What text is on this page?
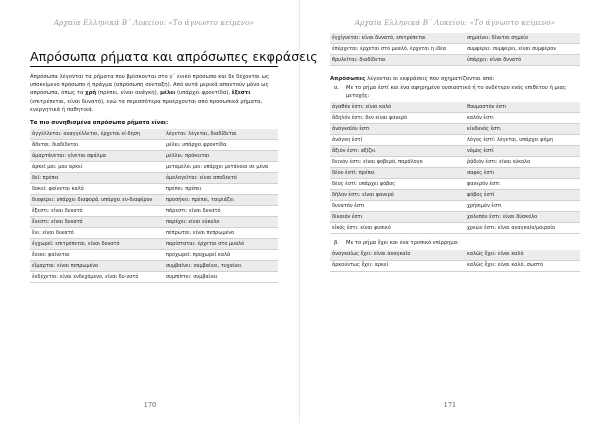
Αρχαία Ελληνικά Β΄ Λυκείου: «Το άγνωστο κείμενο»
Απρόσωπα ρήματα και απρόσωπες εκφράσεις

Απρόσωπα λέγονται τα ρήματα που βρίσκονται στο γ΄ ενικό πρόσωπο και δε δέχονται ως υποκείμενο πρόσωπο ή πράγμα (απρόσωπη σύνταξη). Από αυτά μερικά απαντούν μόνο ως απρόσωπα, όπως τα χρή (πρέπει, είναι ανάγκη), μέλει (υπάρχει φροντίδα), ἔξεστι (επιτρέπεται, είναι δυνατό), ενώ τα περισσότερα προέρχονται από προσωπικά ρήματα, ενεργητικά ή παθητικά.

Τα πιο συνηθισμένα απρόσωπα ρήματα είναι:
ἀγγέλλεται: αναγγέλλεται, έρχεται εί-δηση	λέγεται: λέγεται, διαδίδεται
ἄδεται: διαδίδεται	μέλει: υπάρχει φροντίδα
ἁμαρτάνεται: γίνεται σφάλμα	μέλλει: πρόκειται
ἀρκεῖ μοι: μου αρκεί	μεταμέλει μοι: υπάρχει μετάνοια σε μένα
δεῖ: πρέπει	ὁμολογεῖται: είναι αποδεκτό
δοκεῖ: φαίνεται καλό	πρέπει: πρέπει
διαφέρει: υπάρχει διαφορά, υπάρχει εν-διαφέρον	προσήκει: πρέπει, ταιριάζει
ἔξεστι: είναι δυνατό	πάρεστι: είναι δυνατό
ἔνεστι: είναι δυνατό	παρέχει: είναι εύκολο
ἔνι: είναι δυνατό	πέπρωται: είναι πεπρωμένο
ἐγχωρεῖ: επιτρέπεται, είναι δυνατό	παρίσταται: έρχεται στο μυαλό
ἔοικε: φαίνεται	προχωρεῖ: προχωρεί καλά
εἵμαρται: είναι πεπρωμένο	συμβαίνει: συμβαίνει, τυχαίνει
ἐνδέχεται: είναι ενδεχόμενο, είναι δυ-νατό	συμπίπτει: συμβαίνει
170
Αρχαία Ελληνικά Β΄ Λυκείου: «Το άγνωστο κείμενο»
ἐγχίγνεται: είναι δυνατό, επιτρέπεται	σημαίνει: δίνεται σημείο
ἐπέρχεται: έρχεται στο μυαλό, έρχεται η ιδέα	συμφέρει: συμφέρει, είναι συμφέρον
θρυλεῖται: διαδίδεται	ὑπάρχει: είναι δυνατό

Απρόσωπες λέγονται οι εκφράσεις που σχηματίζονται από:

α.	Με το ρήμα ἐστί και ένα αφηρημένο ουσιαστικό ή το ουδέτερο ενός επιθέτου ή μιας μετοχής:
ἀγαθόν ἐστι: είναι καλό	θαυμαστόν ἐστι
ἄδηλόν ἐστι: δεν είναι φανερό	καλόν ἐστι
ἀναγκαῖόν ἐστι	κίνδυνός ἐστι
ἀνάγκη ἐστί	λόγος ἐστί: λέγεται, υπάρχει φήμη
ἄξιόν ἐστι: αξίζει	νόμος ἐστί
δεινόν ἐστι: είναι φοβερό, παράλογο	ῥᾴδιόν ἐστι: είναι εύκολο
δέον ἐστί: πρέπει	σαφές ἐστι
δέος ἐστί: υπάρχει φόβος	φανερόν ἐστι
δῆλον ἐστι: είναι φανερό	φόβος ἐστί
δυνατόν ἐστι	χρήσιμόν ἐστι
δίκαιόν ἐστι	χαλεπόν ἐστι: είναι δύσκολο
εἰκός ἐστι: είναι φυσικό	χρεών ἐστι: είναι αναγκαίο/μοιραίο
β.	Με το ρήμα ἔχει και ένα τροπικό επίρρημα:
ἀναγκαίως ἔχει: είναι αναγκαίο	καλῶς ἔχει: είναι καλό
ἀρκούντως ἔχει: αρκεί	καλῶς ἔχει: είναι καλό, σωστό
171
